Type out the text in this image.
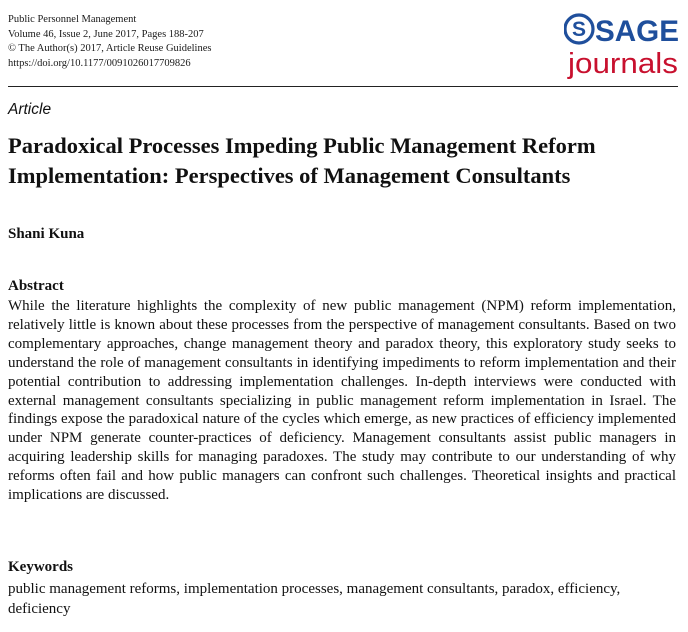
Public Personnel Management
Volume 46, Issue 2, June 2017, Pages 188-207
© The Author(s) 2017, Article Reuse Guidelines
https://doi.org/10.1177/0091026017709826
S SAGE
journals
Article
Paradoxical Processes Impeding Public Management Reform Implementation: Perspectives of Management Consultants

Shani Kuna

Abstract

While the literature highlights the complexity of new public management (NPM) reform implementation, relatively little is known about these processes from the perspective of management consultants. Based on two complementary approaches, change management theory and paradox theory, this exploratory study seeks to understand the role of management consultants in identifying impediments to reform implementation and their potential contribution to addressing implementation challenges. In-depth interviews were conducted with external management consultants specializing in public management reform implementation in Israel. The findings expose the paradoxical nature of the cycles which emerge, as new practices of efficiency implemented under NPM generate counter-practices of deficiency. Management consultants assist public managers in acquiring leadership skills for managing paradoxes. The study may contribute to our understanding of why reforms often fail and how public managers can confront such challenges. Theoretical insights and practical implications are discussed.

Keywords

public management reforms, implementation processes, management consultants, paradox, efficiency, deficiency
